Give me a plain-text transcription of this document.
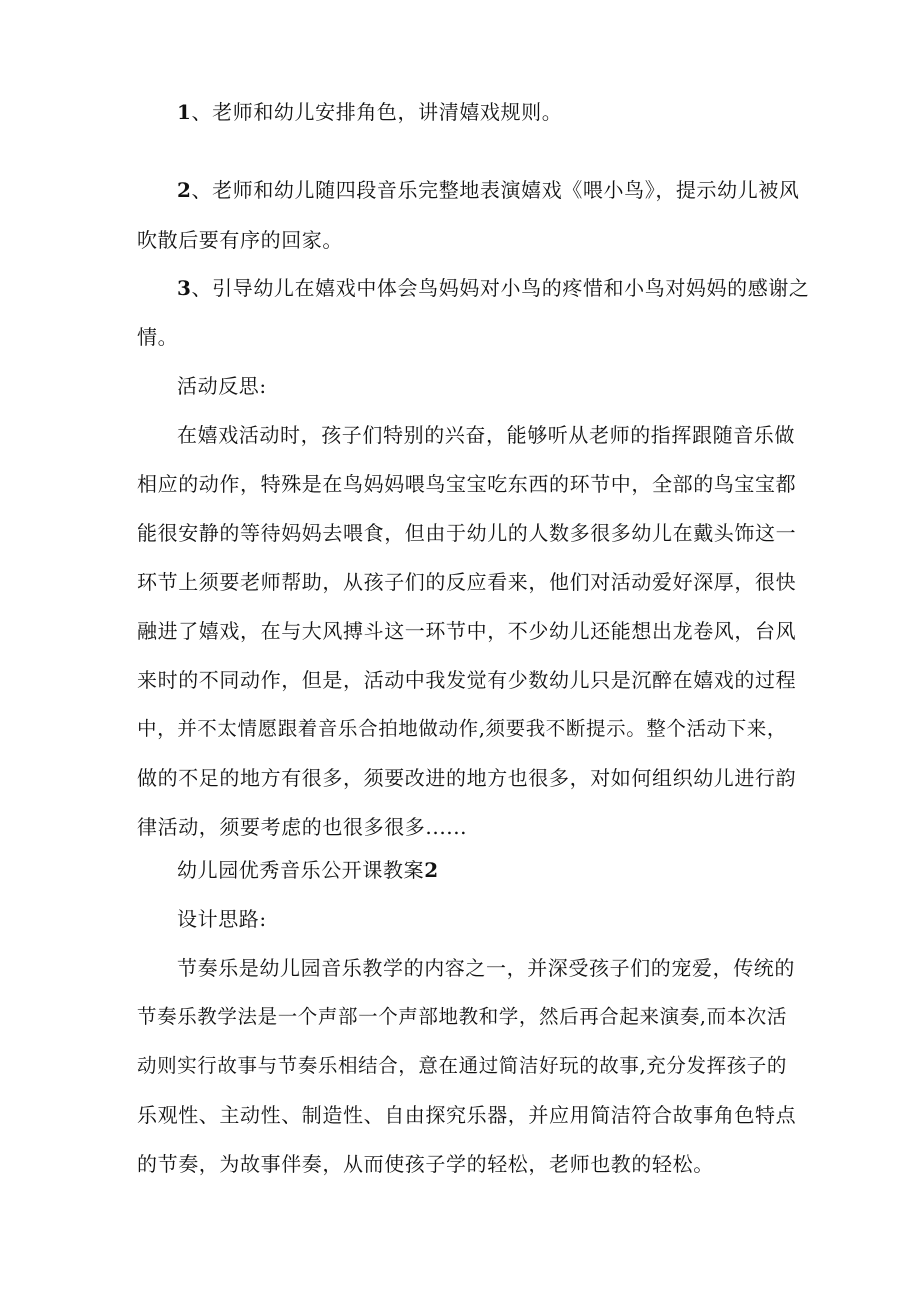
1、老师和幼儿安排角色，讲清嬉戏规则。
2、老师和幼儿随四段音乐完整地表演嬉戏《喂小鸟》，提示幼儿被风
吹散后要有序的回家。
3、引导幼儿在嬉戏中体会鸟妈妈对小鸟的疼惜和小鸟对妈妈的感谢之
情。
活动反思:
在嬉戏活动时，孩子们特别的兴奋，能够听从老师的指挥跟随音乐做
相应的动作，特殊是在鸟妈妈喂鸟宝宝吃东西的环节中，全部的鸟宝宝都
能很安静的等待妈妈去喂食，但由于幼儿的人数多很多幼儿在戴头饰这一
环节上须要老师帮助，从孩子们的反应看来，他们对活动爱好深厚，很快
融进了嬉戏，在与大风搏斗这一环节中，不少幼儿还能想出龙卷风，台风
来时的不同动作，但是，活动中我发觉有少数幼儿只是沉醉在嬉戏的过程
中，并不太情愿跟着音乐合拍地做动作,须要我不断提示。整个活动下来，
做的不足的地方有很多，须要改进的地方也很多，对如何组织幼儿进行韵
律活动，须要考虑的也很多很多......
幼儿园优秀音乐公开课教案2
设计思路:
节奏乐是幼儿园音乐教学的内容之一，并深受孩子们的宠爱，传统的
节奏乐教学法是一个声部一个声部地教和学，然后再合起来演奏,而本次活
动则实行故事与节奏乐相结合，意在通过简洁好玩的故事,充分发挥孩子的
乐观性、主动性、制造性、自由探究乐器，并应用简洁符合故事角色特点
的节奏，为故事伴奏，从而使孩子学的轻松，老师也教的轻松。
